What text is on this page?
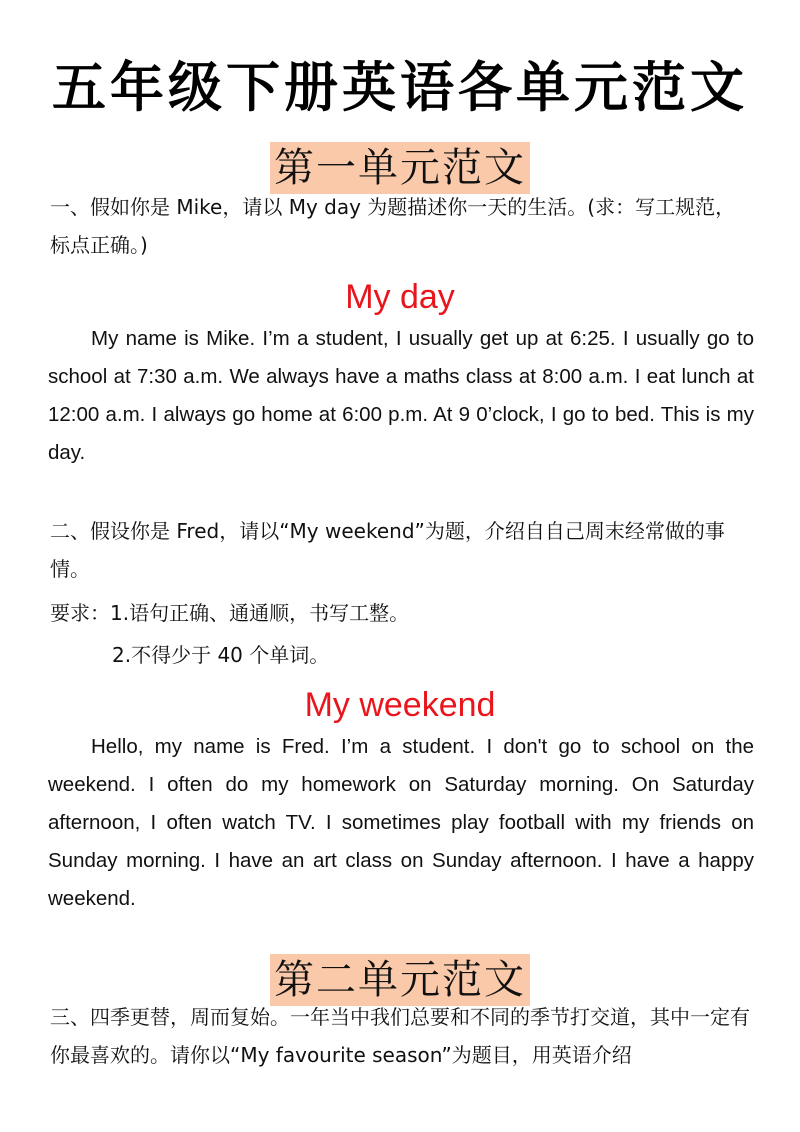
五年级下册英语各单元范文
第一单元范文
一、假如你是 Mike，请以 My day 为题描述你一天的生活。(求：写工规范，标点正确。)
My day

My name is Mike. I’m a student, I usually get up at 6:25. I usually go to school at 7:30 a.m. We always have a maths class at 8:00 a.m. I eat lunch at 12:00 a.m. I always go home at 6:00 p.m. At 9 0’clock, I go to bed. This is my day.

二、假设你是 Fred，请以“My weekend”为题，介绍自自己周末经常做的事情。
要求：1.语句正确、通通顺，书写工整。
2.不得少于 40 个单词。
My weekend

Hello, my name is Fred. I’m a student. I don't go to school on the weekend. I often do my homework on Saturday morning. On Saturday afternoon, I often watch TV. I sometimes play football with my friends on Sunday morning. I have an art class on Sunday afternoon. I have a happy weekend.

第二单元范文
三、四季更替，周而复始。一年当中我们总要和不同的季节打交道，其中一定有你最喜欢的。请你以“My favourite season”为题目，用英语介绍
